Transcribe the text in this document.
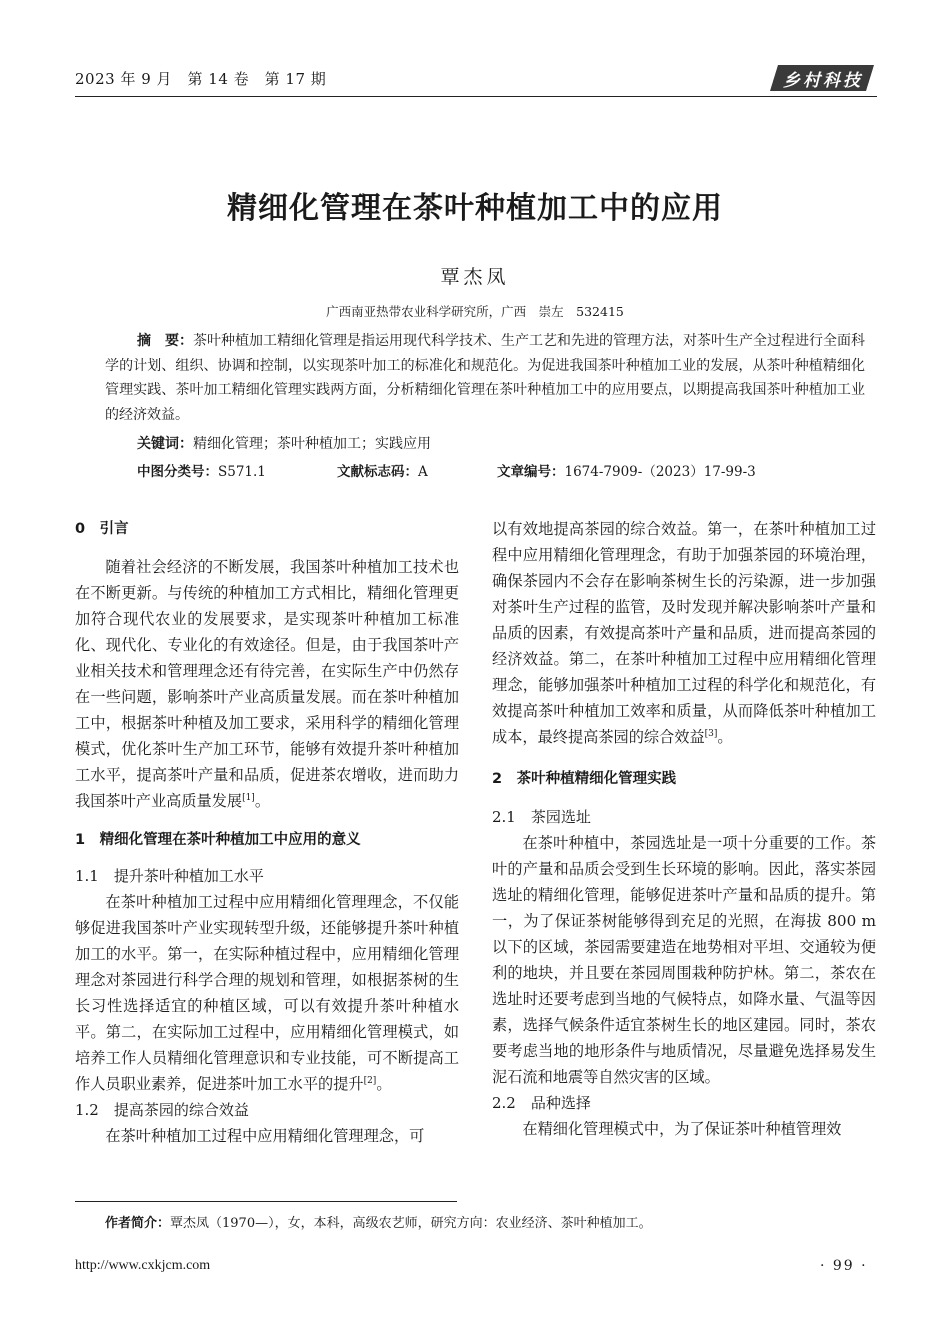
2023 年 9 月　第 14 卷　第 17 期	乡村科技
精细化管理在茶叶种植加工中的应用
覃杰凤
广西南亚热带农业科学研究所，广西　崇左　532415
摘　要：茶叶种植加工精细化管理是指运用现代科学技术、生产工艺和先进的管理方法，对茶叶生产全过程进行全面科学的计划、组织、协调和控制，以实现茶叶加工的标准化和规范化。为促进我国茶叶种植加工业的发展，从茶叶种植精细化管理实践、茶叶加工精细化管理实践两方面，分析精细化管理在茶叶种植加工中的应用要点，以期提高我国茶叶种植加工业的经济效益。
关键词：精细化管理；茶叶种植加工；实践应用
中图分类号：S571.1	文献标志码：A	文章编号：1674-7909-（2023）17-99-3
0　引言

随着社会经济的不断发展，我国茶叶种植加工技术也在不断更新。与传统的种植加工方式相比，精细化管理更加符合现代农业的发展要求，是实现茶叶种植加工标准化、现代化、专业化的有效途径。但是，由于我国茶叶产业相关技术和管理理念还有待完善，在实际生产中仍然存在一些问题，影响茶叶产业高质量发展。而在茶叶种植加工中，根据茶叶种植及加工要求，采用科学的精细化管理模式，优化茶叶生产加工环节，能够有效提升茶叶种植加工水平，提高茶叶产量和品质，促进茶农增收，进而助力我国茶叶产业高质量发展[1]。

1　精细化管理在茶叶种植加工中应用的意义
1.1　提升茶叶种植加工水平

在茶叶种植加工过程中应用精细化管理理念，不仅能够促进我国茶叶产业实现转型升级，还能够提升茶叶种植加工的水平。第一，在实际种植过程中，应用精细化管理理念对茶园进行科学合理的规划和管理，如根据茶树的生长习性选择适宜的种植区域，可以有效提升茶叶种植水平。第二，在实际加工过程中，应用精细化管理模式，如培养工作人员精细化管理意识和专业技能，可不断提高工作人员职业素养，促进茶叶加工水平的提升[2]。

1.2　提高茶园的综合效益

在茶叶种植加工过程中应用精细化管理理念，可

以有效地提高茶园的综合效益。第一，在茶叶种植加工过程中应用精细化管理理念，有助于加强茶园的环境治理，确保茶园内不会存在影响茶树生长的污染源，进一步加强对茶叶生产过程的监管，及时发现并解决影响茶叶产量和品质的因素，有效提高茶叶产量和品质，进而提高茶园的经济效益。第二，在茶叶种植加工过程中应用精细化管理理念，能够加强茶叶种植加工过程的科学化和规范化，有效提高茶叶种植加工效率和质量，从而降低茶叶种植加工成本，最终提高茶园的综合效益[3]。

2　茶叶种植精细化管理实践
2.1　茶园选址

在茶叶种植中，茶园选址是一项十分重要的工作。茶叶的产量和品质会受到生长环境的影响。因此，落实茶园选址的精细化管理，能够促进茶叶产量和品质的提升。第一，为了保证茶树能够得到充足的光照，在海拔 800 m 以下的区域，茶园需要建造在地势相对平坦、交通较为便利的地块，并且要在茶园周围栽种防护林。第二，茶农在选址时还要考虑到当地的气候特点，如降水量、气温等因素，选择气候条件适宜茶树生长的地区建园。同时，茶农要考虑当地的地形条件与地质情况，尽量避免选择易发生泥石流和地震等自然灾害的区域。

2.2　品种选择

在精细化管理模式中，为了保证茶叶种植管理效

作者简介：覃杰凤（1970—），女，本科，高级农艺师，研究方向：农业经济、茶叶种植加工。
http://www.cxkjcm.com	· 99 ·
